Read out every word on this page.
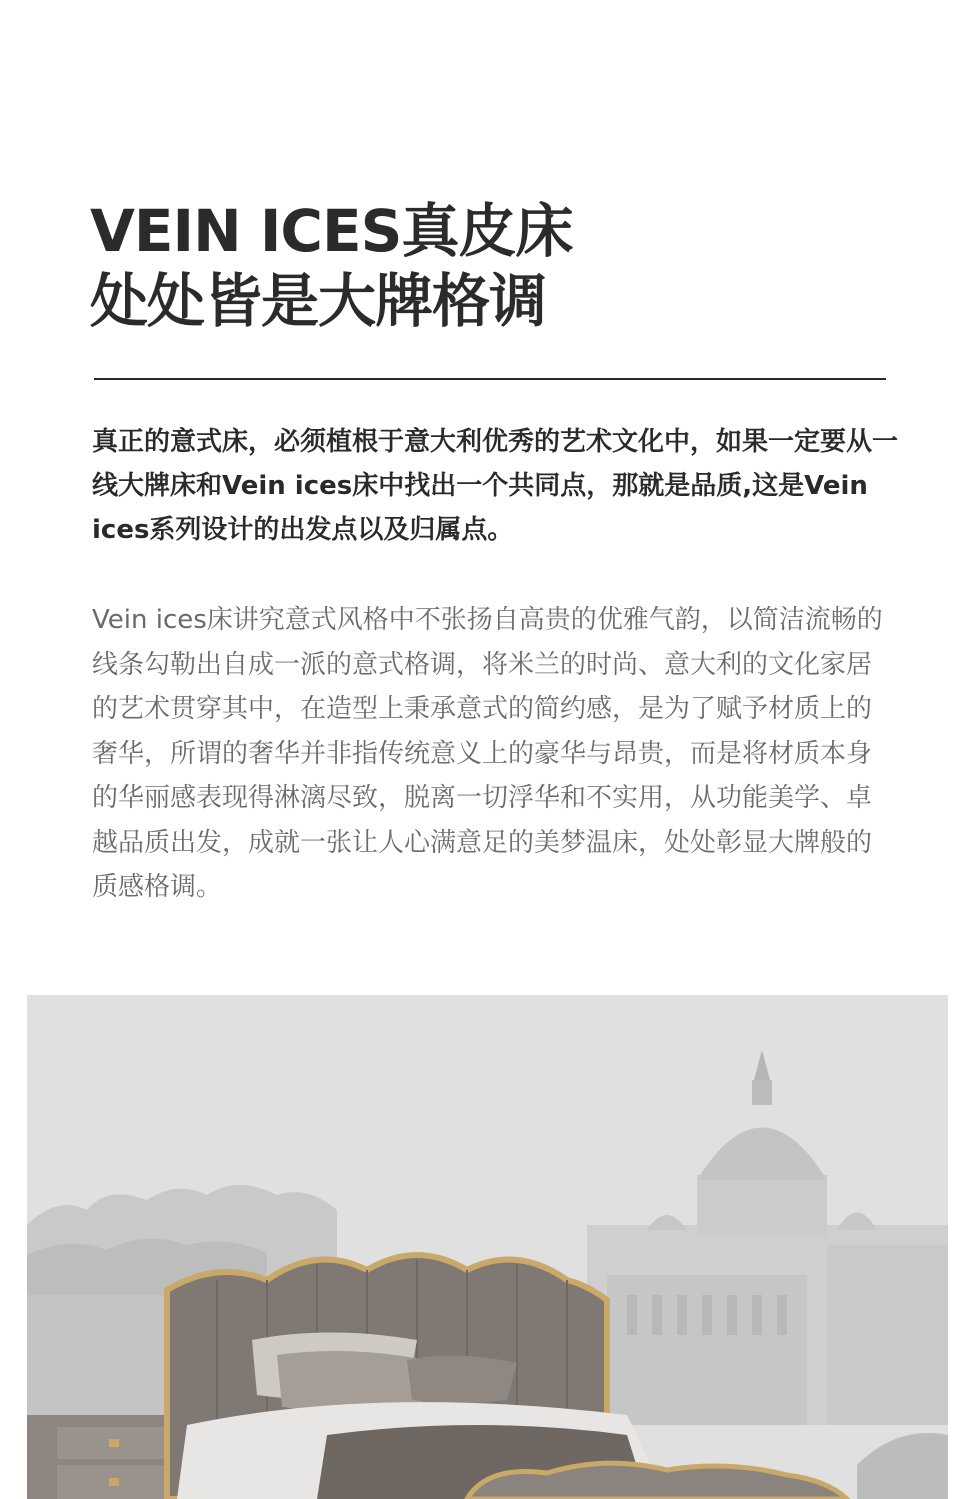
VEIN ICES真皮床
处处皆是大牌格调

真正的意式床，必须植根于意大利优秀的艺术文化中，如果一定要从一线大牌床和Vein ices床中找出一个共同点，那就是品质,这是Vein ices系列设计的出发点以及归属点。

Vein ices床讲究意式风格中不张扬自高贵的优雅气韵，以简洁流畅的线条勾勒出自成一派的意式格调，将米兰的时尚、意大利的文化家居的艺术贯穿其中，在造型上秉承意式的简约感，是为了赋予材质上的奢华，所谓的奢华并非指传统意义上的豪华与昂贵，而是将材质本身的华丽感表现得淋漓尽致，脱离一切浮华和不实用，从功能美学、卓越品质出发，成就一张让人心满意足的美梦温床，处处彰显大牌般的质感格调。
